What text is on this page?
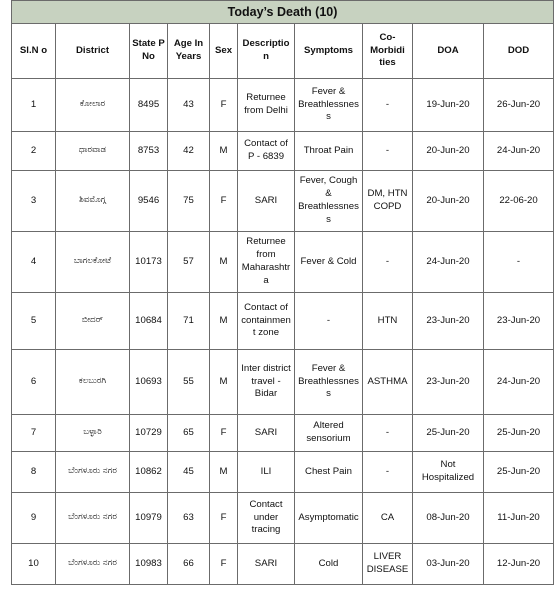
Today’s Death (10)									
Sl.N o	District	State P No	Age In Years	Sex	Description	Symptoms	Co-Morbidi ties	DOA	DOD
1	ಕೋಲಾರ	8495	43	F	Returnee from Delhi	Fever & Breathlessness	-	19-Jun-20	26-Jun-20
2	ಧಾರವಾಡ	8753	42	M	Contact of P - 6839	Throat Pain	-	20-Jun-20	24-Jun-20
3	ಶಿವಮೊಗ್ಗ	9546	75	F	SARI	Fever, Cough & Breathlessness	DM, HTN COPD	20-Jun-20	22-06-20
4	ಬಾಗಲಕೋಟೆ	10173	57	M	Returnee from Maharashtra	Fever & Cold	-	24-Jun-20	-
5	ಬೀದರ್	10684	71	M	Contact of containment zone	-	HTN	23-Jun-20	23-Jun-20
6	ಕಲಬುರಗಿ	10693	55	M	Inter district travel - Bidar	Fever & Breathlessness	ASTHMA	23-Jun-20	24-Jun-20
7	ಬಳ್ಳಾರಿ	10729	65	F	SARI	Altered sensorium	-	25-Jun-20	25-Jun-20
8	ಬೆಂಗಳೂರು ನಗರ	10862	45	M	ILI	Chest Pain	-	Not Hospitalized	25-Jun-20
9	ಬೆಂಗಳೂರು ನಗರ	10979	63	F	Contact under tracing	Asymptomatic	CA	08-Jun-20	11-Jun-20
10	ಬೆಂಗಳೂರು ನಗರ	10983	66	F	SARI	Cold	LIVER DISEASE	03-Jun-20	12-Jun-20
